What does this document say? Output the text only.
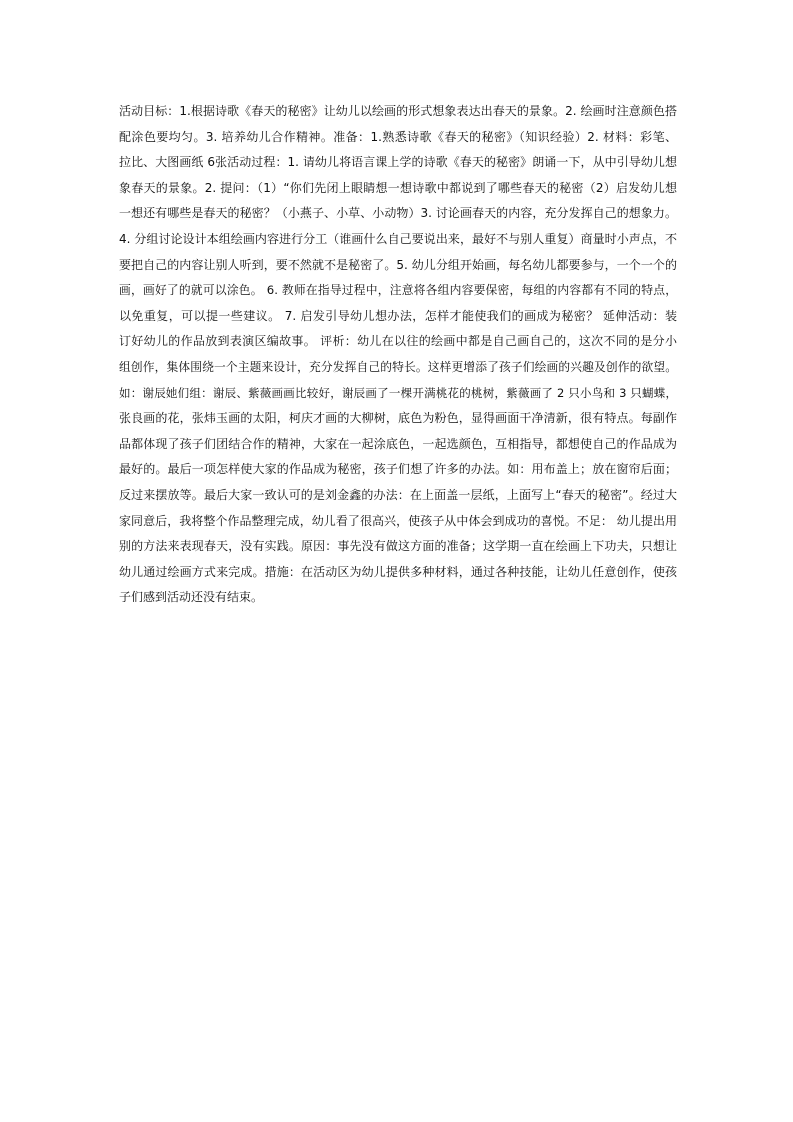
活动目标：1.根据诗歌《春天的秘密》让幼儿以绘画的形式想象表达出春天的景象。2. 绘画时注意颜色搭
配涂色要均匀。3. 培养幼儿合作精神。准备：1.熟悉诗歌《春天的秘密》（知识经验）2. 材料：彩笔、
拉比、大图画纸 6张活动过程：1. 请幼儿将语言课上学的诗歌《春天的秘密》朗诵一下，从中引导幼儿想
象春天的景象。2. 提问：（1）“你们先闭上眼睛想一想诗歌中都说到了哪些春天的秘密（2）启发幼儿想
一想还有哪些是春天的秘密？（小燕子、小草、小动物）3. 讨论画春天的内容，充分发挥自己的想象力。
4. 分组讨论设计本组绘画内容进行分工（谁画什么自己要说出来，最好不与别人重复）商量时小声点，不
要把自己的内容让别人听到，要不然就不是秘密了。5. 幼儿分组开始画，每名幼儿都要参与，一个一个的
画，画好了的就可以涂色。 6. 教师在指导过程中，注意将各组内容要保密，每组的内容都有不同的特点，
以免重复，可以提一些建议。 7. 启发引导幼儿想办法，怎样才能使我们的画成为秘密？ 延伸活动：装
订好幼儿的作品放到表演区编故事。 评析：幼儿在以往的绘画中都是自己画自己的，这次不同的是分小
组创作，集体围绕一个主题来设计，充分发挥自己的特长。这样更增添了孩子们绘画的兴趣及创作的欲望。
如：谢辰她们组：谢辰、紫薇画画比较好，谢辰画了一棵开满桃花的桃树，紫薇画了 2 只小鸟和 3 只蝴蝶，
张良画的花，张炜玉画的太阳，柯庆才画的大柳树，底色为粉色，显得画面干净清新，很有特点。每副作
品都体现了孩子们团结合作的精神，大家在一起涂底色，一起选颜色，互相指导，都想使自己的作品成为
最好的。最后一项怎样使大家的作品成为秘密，孩子们想了许多的办法。如：用布盖上；放在窗帘后面；
反过来摆放等。最后大家一致认可的是刘金鑫的办法：在上面盖一层纸，上面写上“春天的秘密”。经过大
家同意后，我将整个作品整理完成，幼儿看了很高兴，使孩子从中体会到成功的喜悦。不足： 幼儿提出用
别的方法来表现春天，没有实践。原因：事先没有做这方面的准备；这学期一直在绘画上下功夫，只想让
幼儿通过绘画方式来完成。措施：在活动区为幼儿提供多种材料，通过各种技能，让幼儿任意创作，使孩
子们感到活动还没有结束。
